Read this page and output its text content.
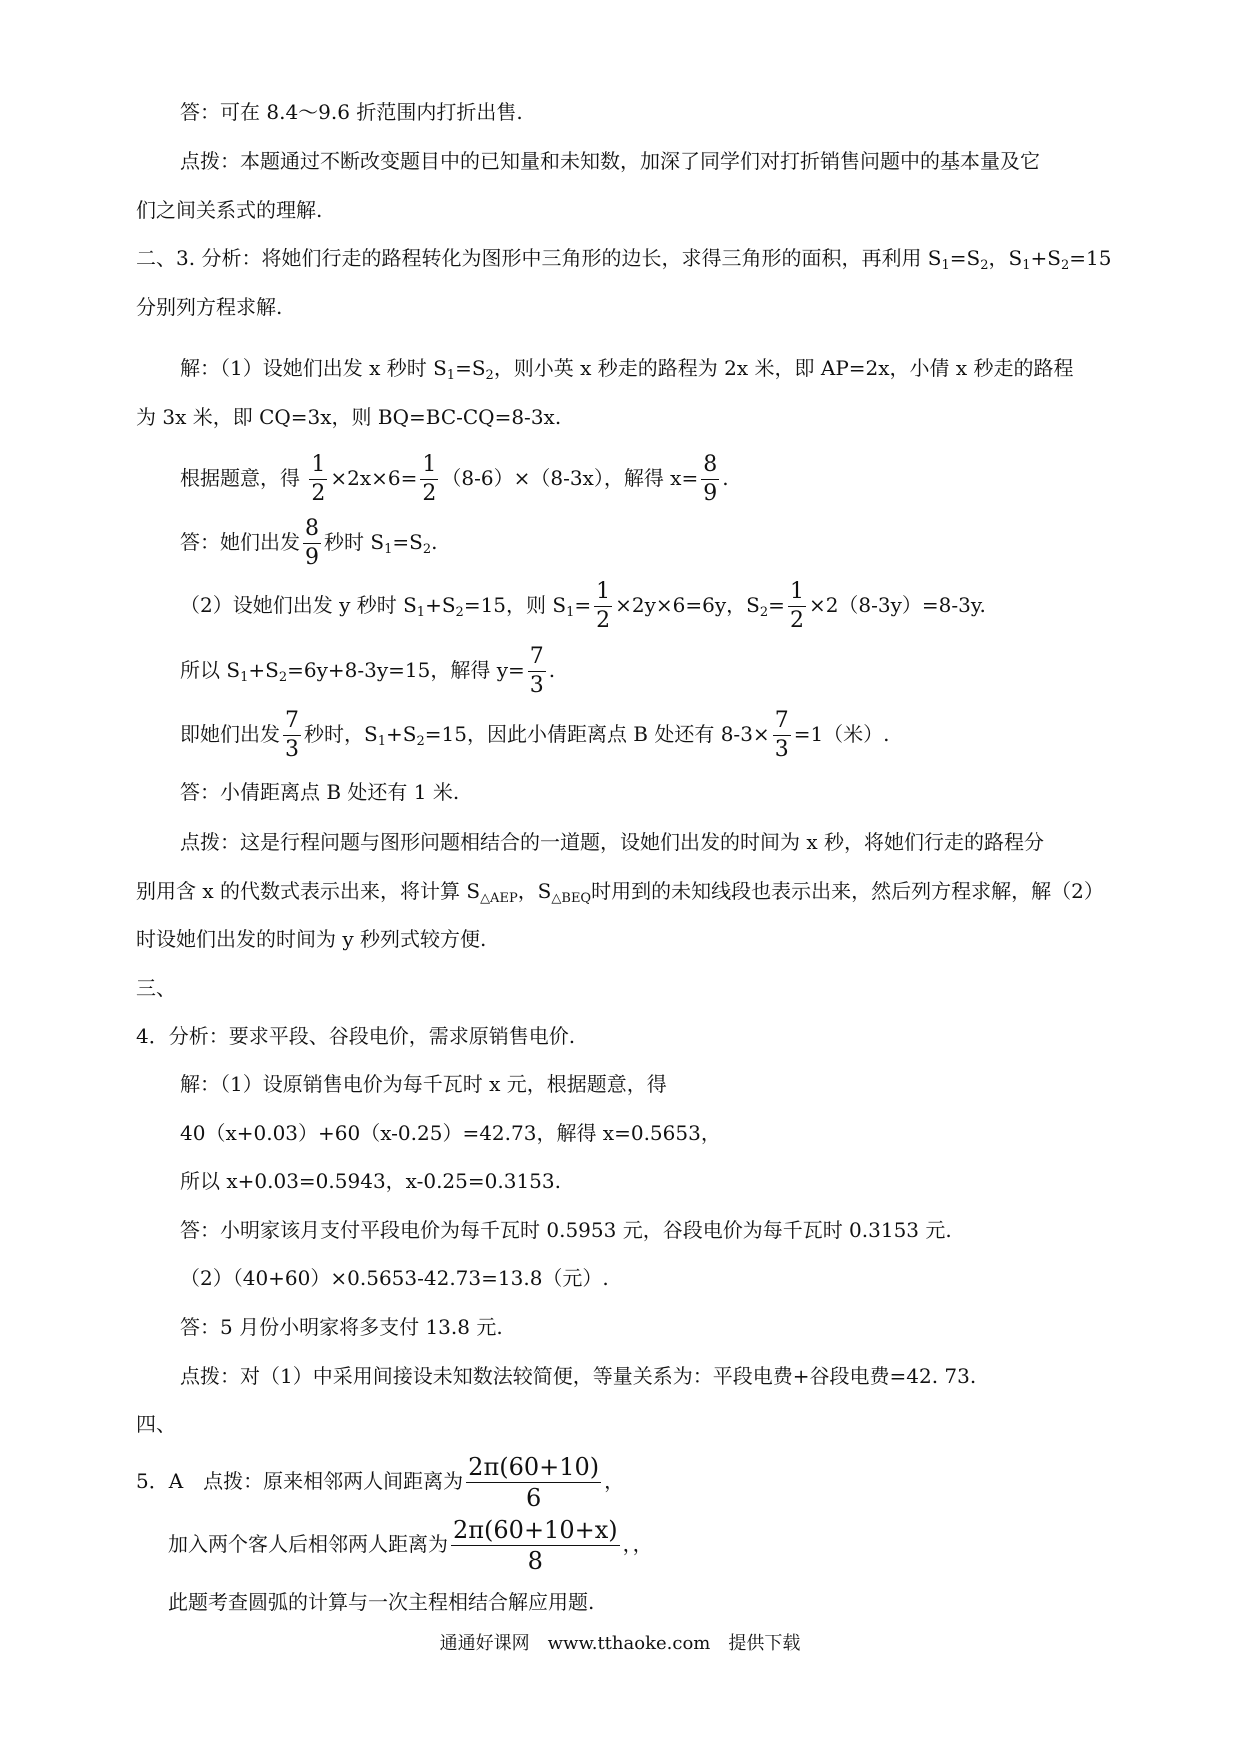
答：可在 8.4～9.6 折范围内打折出售.
点拨：本题通过不断改变题目中的已知量和未知数，加深了同学们对打折销售问题中的基本量及它
们之间关系式的理解.
二、3. 分析：将她们行走的路程转化为图形中三角形的边长，求得三角形的面积，再利用 $S_1=S_2$，$S_1+S_2=15$
分别列方程求解.
解：（1）设她们出发 x 秒时 $S_1=S_2$，则小英 x 秒走的路程为 2x 米，即 AP=2x，小倩 x 秒走的路程
为 3x 米，即 CQ=3x，则 BQ=BC-CQ=8-3x.
根据题意，得 $\frac{1}{2} \times 2x\times 6= \frac{1}{2} (8-6)\times(8-3x)$，解得 $x= \frac{8}{9}$ .
答：她们出发 $\frac{8}{9}$ 秒时 $S_1=S_2$.
（2）设她们出发 y 秒时 $S_1+S_2=15$，则 $S_1= \frac{1}{2} \times 2y\times 6=6y$，$S_2= \frac{1}{2} \times 2(8-3y)=8-3y$.
所以 $S_1+S_2=6y+8-3y=15$，解得 $y= \frac{7}{3}$ .
即她们出发 $\frac{7}{3}$ 秒时，$S_1+S_2=15$，因此小倩距离点 B 处还有 $8-3\times \frac{7}{3} =1$（米）.
答：小倩距离点 B 处还有 1 米.
点拨：这是行程问题与图形问题相结合的一道题，设她们出发的时间为 x 秒，将她们行走的路程分
别用含 x 的代数式表示出来，将计算 $S_{\triangle AEP}$，$S_{\triangle BEQ}$时用到的未知线段也表示出来，然后列方程求解，解（2）
时设她们出发的时间为 y 秒列式较方便.
三、
4．分析：要求平段、谷段电价，需求原销售电价.
解：（1）设原销售电价为每千瓦时 x 元，根据题意，得
40（x+0.03）+60（x-0.25）=42.73，解得 x=0.5653，
所以 x+0.03=0.5943，x-0.25=0.3153.
答：小明家该月支付平段电价为每千瓦时 0.5953 元，谷段电价为每千瓦时 0.3153 元.
（2）（40+60）×0.5653-42.73=13.8（元）.
答：5 月份小明家将多支付 13.8 元.
点拨：对（1）中采用间接设未知数法较简便，等量关系为：平段电费+谷段电费=42. 73.
四、
5．A　点拨：原来相邻两人间距离为 $\frac{2\pi(60+10)}{6}$ ，
加入两个客人后相邻两人距离为 $\frac{2\pi(60+10+x)}{8}$ ，，
此题考查圆弧的计算与一次主程相结合解应用题.
通通好课网　www.tthaoke.com　提供下载
